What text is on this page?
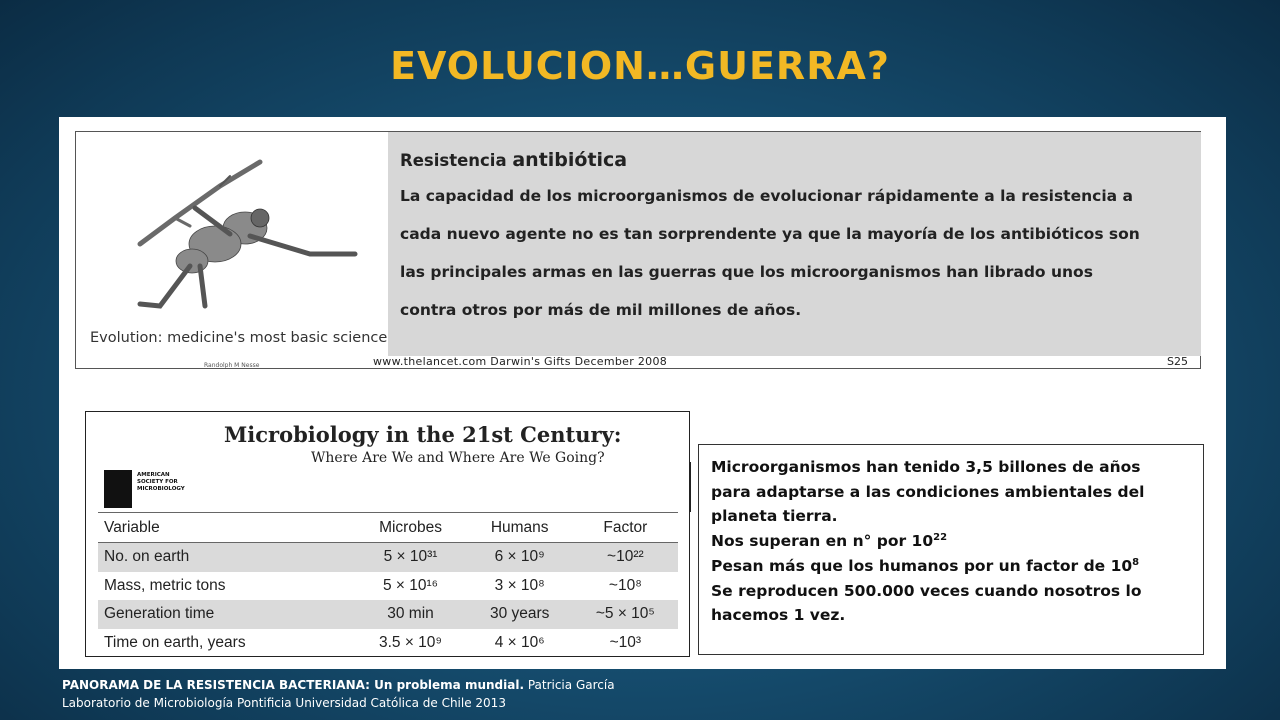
EVOLUCION…GUERRA?
Evolution: medicine's most basic science
Randolph M Nesse
Resistencia antibiótica
La capacidad de los microorganismos de evolucionar rápidamente a la resistencia a
cada nuevo agente no es tan sorprendente ya que la mayoría de los antibióticos son
las principales armas en las guerras que los microorganismos han librado unos
contra otros por más de mil millones de años.
www.thelancet.com Darwin's Gifts December 2008	S25
Microbiology in the 21st Century:
Where Are We and Where Are We Going?
AMERICAN
SOCIETY FOR
MICROBIOLOGY
Variable	Microbes	Humans	Factor
No. on earth	5 × 10³¹	6 × 10⁹	~10²²
Mass, metric tons	5 × 10¹⁶	3 × 10⁸	~10⁸
Generation time	30 min	30 years	~5 × 10⁵
Time on earth, years	3.5 × 10⁹	4 × 10⁶	~10³
Microorganismos han tenido 3,5 billones de años
para adaptarse a las condiciones ambientales del
planeta tierra.
Nos superan en n° por $10^{22}$
Pesan más que los humanos por un factor de $10^8$
Se reproducen 500.000 veces cuando nosotros lo
hacemos 1 vez.
PANORAMA DE LA RESISTENCIA BACTERIANA: Un problema mundial. Patricia García
Laboratorio de Microbiología Pontificia Universidad Católica de Chile 2013
